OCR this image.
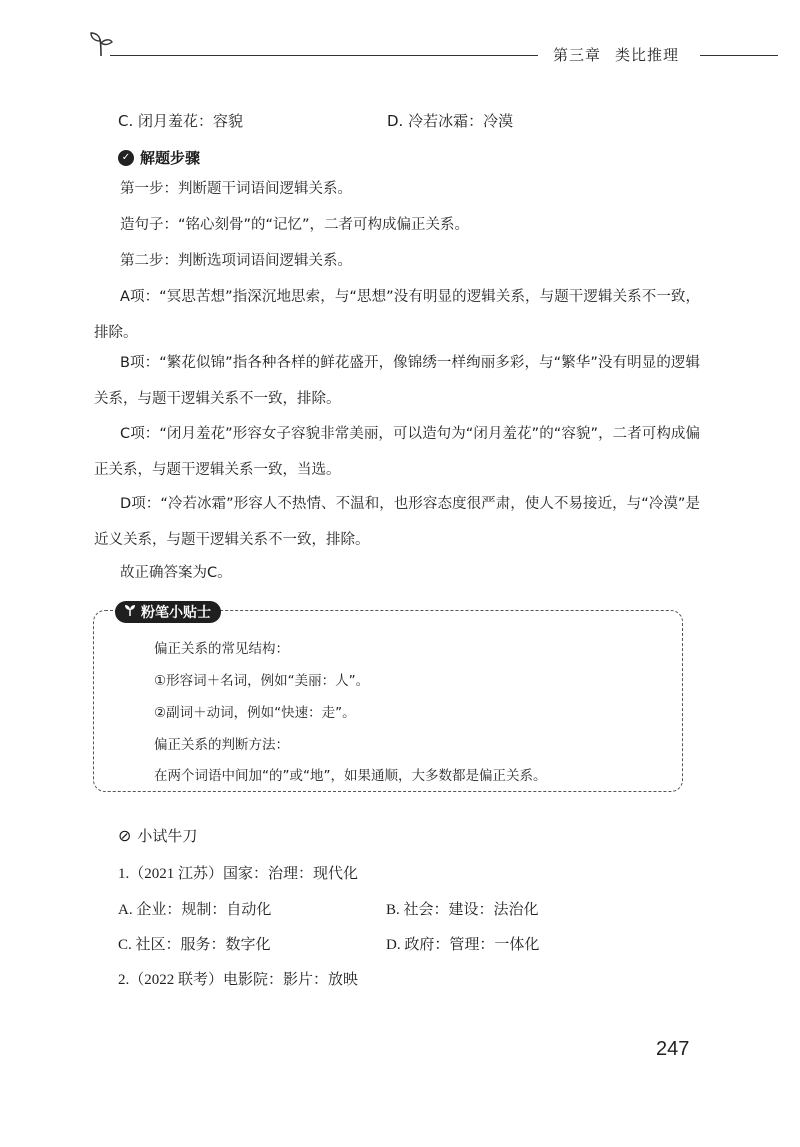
第三章 类比推理
C. 闭月羞花：容貌	D. 冷若冰霜：冷漠
✓ 解题步骤
第一步：判断题干词语间逻辑关系。
造句子：“铭心刻骨”的“记忆”，二者可构成偏正关系。
第二步：判断选项词语间逻辑关系。
A项：“冥思苦想”指深沉地思索，与“思想”没有明显的逻辑关系，与题干逻辑关系不一致，排除。
B项：“繁花似锦”指各种各样的鲜花盛开，像锦绣一样绚丽多彩，与“繁华”没有明显的逻辑关系，与题干逻辑关系不一致，排除。
C项：“闭月羞花”形容女子容貌非常美丽，可以造句为“闭月羞花”的“容貌”，二者可构成偏正关系，与题干逻辑关系一致，当选。
D项：“冷若冰霜”形容人不热情、不温和，也形容态度很严肃，使人不易接近，与“冷漠”是近义关系，与题干逻辑关系不一致，排除。
故正确答案为C。
粉笔小贴士
偏正关系的常见结构：
①形容词＋名词，例如“美丽：人”。
②副词＋动词，例如“快速：走”。
偏正关系的判断方法：
在两个词语中间加“的”或“地”，如果通顺，大多数都是偏正关系。
⊘ 小试牛刀
1.（2021 江苏）国家：治理：现代化
A. 企业：规制：自动化	B. 社会：建设：法治化
C. 社区：服务：数字化	D. 政府：管理：一体化
2.（2022 联考）电影院：影片：放映
247
